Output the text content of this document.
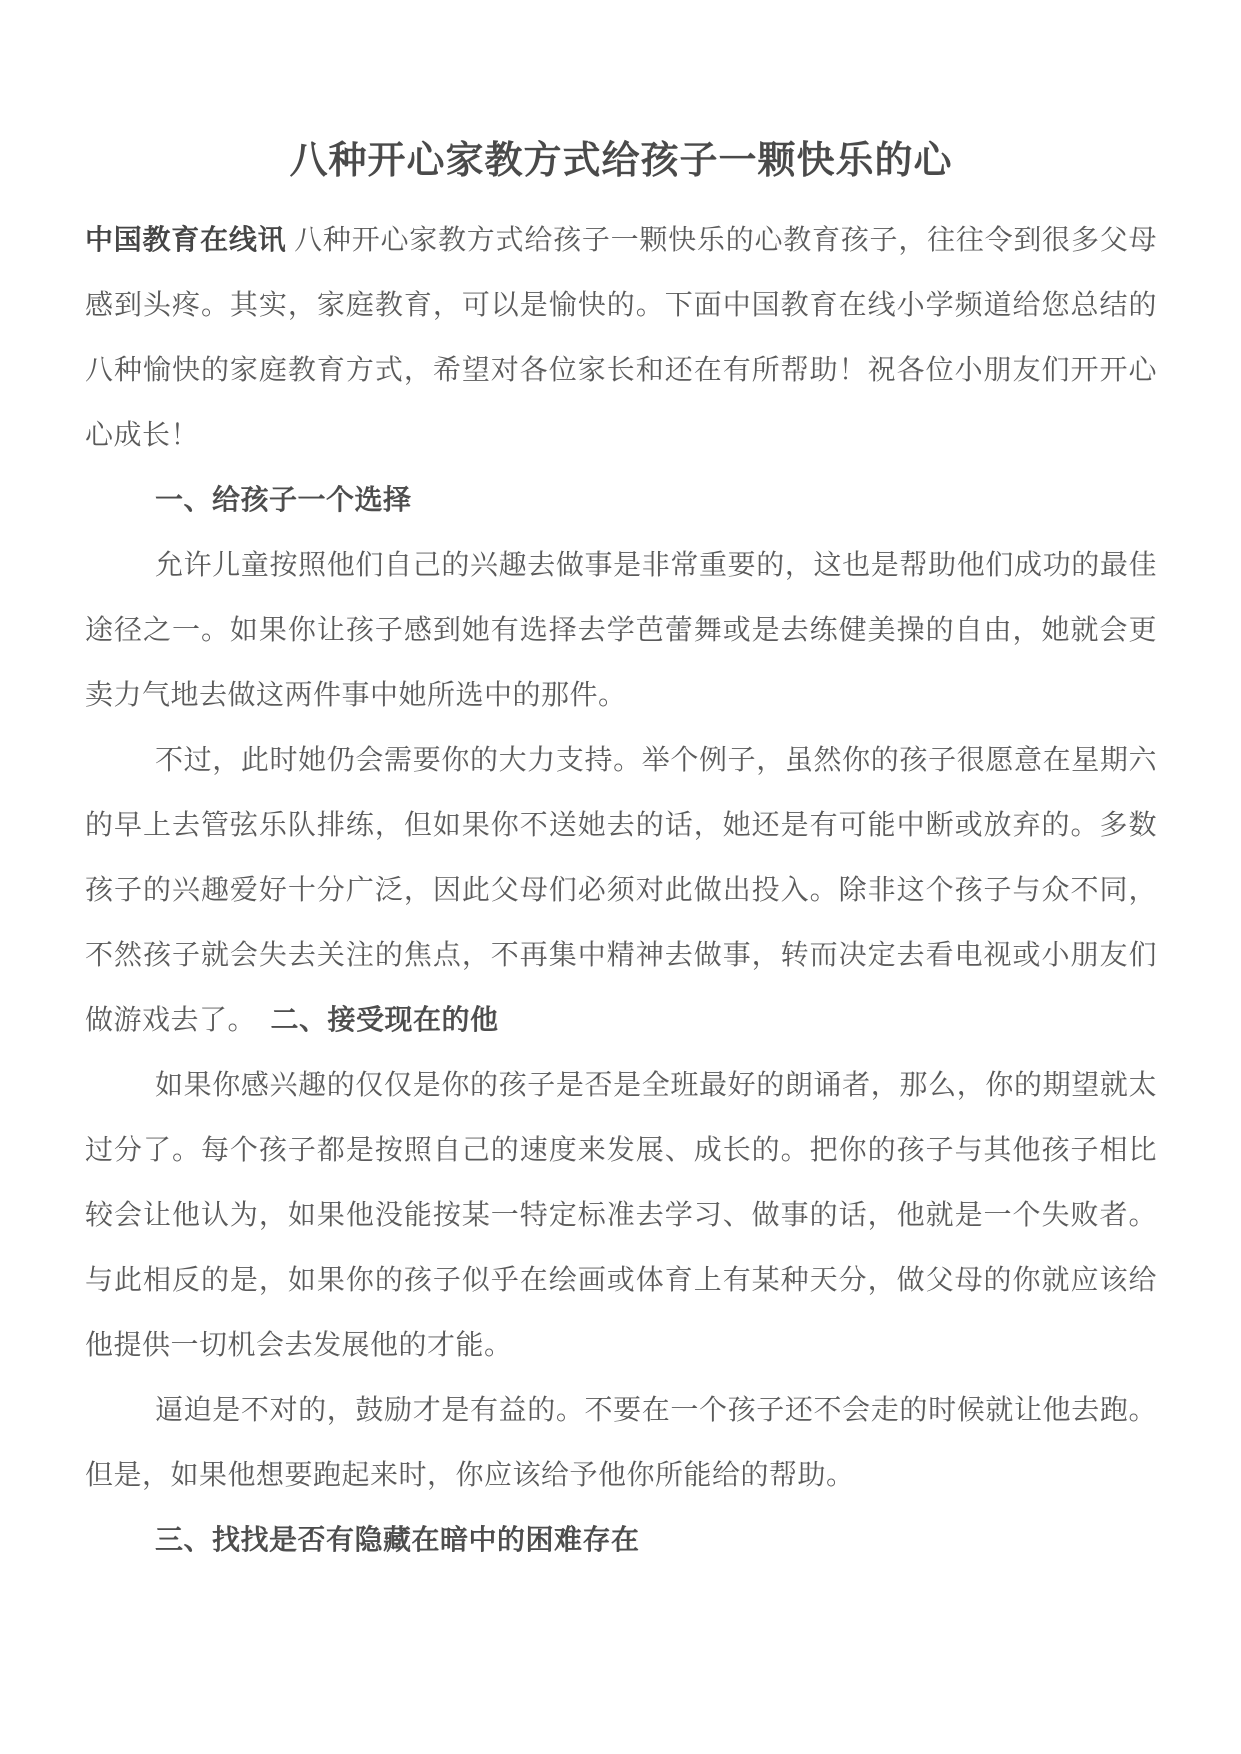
八种开心家教方式给孩子一颗快乐的心

中国教育在线讯 八种开心家教方式给孩子一颗快乐的心教育孩子，往往令到很多父母感到头疼。其实，家庭教育，可以是愉快的。下面中国教育在线小学频道给您总结的八种愉快的家庭教育方式，希望对各位家长和还在有所帮助！祝各位小朋友们开开心心成长！

一、给孩子一个选择

允许儿童按照他们自己的兴趣去做事是非常重要的，这也是帮助他们成功的最佳途径之一。如果你让孩子感到她有选择去学芭蕾舞或是去练健美操的自由，她就会更卖力气地去做这两件事中她所选中的那件。

不过，此时她仍会需要你的大力支持。举个例子，虽然你的孩子很愿意在星期六的早上去管弦乐队排练，但如果你不送她去的话，她还是有可能中断或放弃的。多数孩子的兴趣爱好十分广泛，因此父母们必须对此做出投入。除非这个孩子与众不同，不然孩子就会失去关注的焦点，不再集中精神去做事，转而决定去看电视或小朋友们做游戏去了。　二、接受现在的他

如果你感兴趣的仅仅是你的孩子是否是全班最好的朗诵者，那么，你的期望就太过分了。每个孩子都是按照自己的速度来发展、成长的。把你的孩子与其他孩子相比较会让他认为，如果他没能按某一特定标准去学习、做事的话，他就是一个失败者。与此相反的是，如果你的孩子似乎在绘画或体育上有某种天分，做父母的你就应该给他提供一切机会去发展他的才能。

逼迫是不对的，鼓励才是有益的。不要在一个孩子还不会走的时候就让他去跑。但是，如果他想要跑起来时，你应该给予他你所能给的帮助。

三、找找是否有隐藏在暗中的困难存在
